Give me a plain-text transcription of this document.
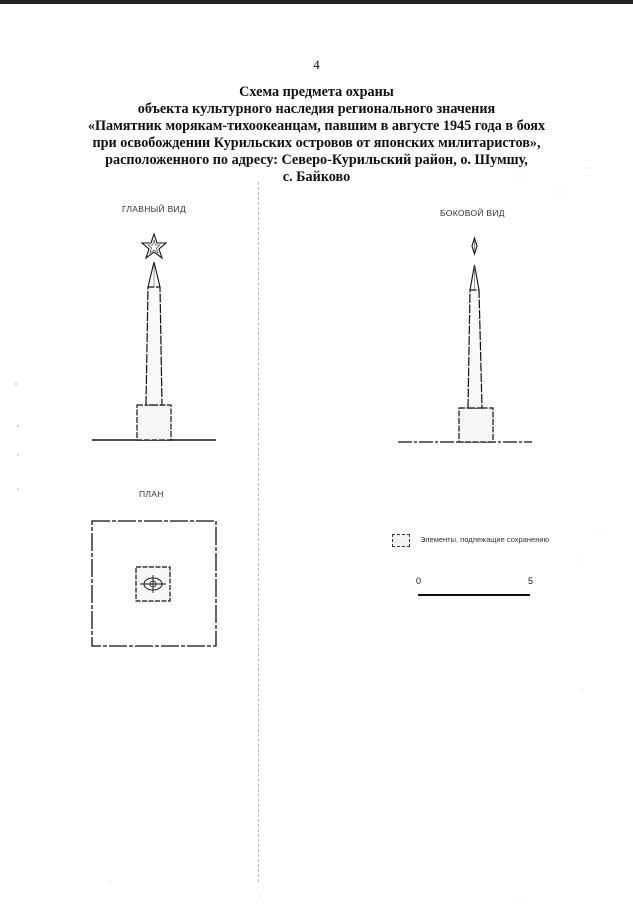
4
Схема предмета охраны
объекта культурного наследия регионального значения
«Памятник морякам-тихоокеанцам, павшим в августе 1945 года в боях
при освобождении Курильских островов от японских милитаристов»,
расположенного по адресу: Северо-Курильский район, о. Шумшу,
с. Байково
ГЛАВНЫЙ ВИД	БОКОВОЙ ВИД
ПЛАН
Элементы, подлежащие сохранению
0	5
